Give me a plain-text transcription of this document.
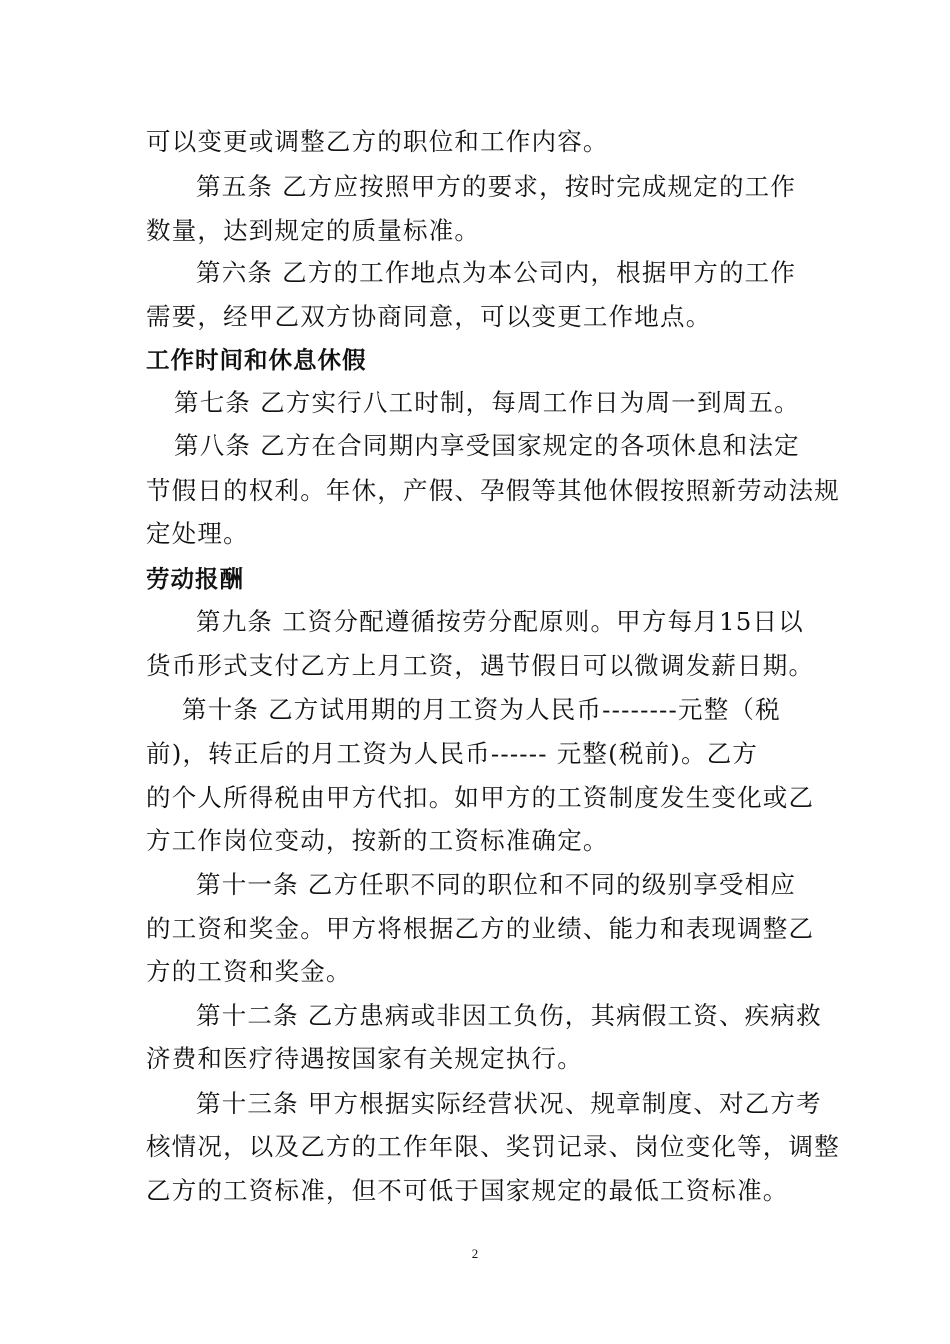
可以变更或调整乙方的职位和工作内容。
第五条 乙方应按照甲方的要求，按时完成规定的工作
数量，达到规定的质量标准。
第六条 乙方的工作地点为本公司内，根据甲方的工作
需要，经甲乙双方协商同意，可以变更工作地点。
工作时间和休息休假
第七条 乙方实行八工时制，每周工作日为周一到周五。
第八条 乙方在合同期内享受国家规定的各项休息和法定
节假日的权利。年休，产假、孕假等其他休假按照新劳动法规
定处理。
劳动报酬
第九条 工资分配遵循按劳分配原则。甲方每月15日以
货币形式支付乙方上月工资，遇节假日可以微调发薪日期。
第十条 乙方试用期的月工资为人民币--------元整（税
前)，转正后的月工资为人民币------ 元整(税前)。乙方
的个人所得税由甲方代扣。如甲方的工资制度发生变化或乙
方工作岗位变动，按新的工资标准确定。
第十一条 乙方任职不同的职位和不同的级别享受相应
的工资和奖金。甲方将根据乙方的业绩、能力和表现调整乙
方的工资和奖金。
第十二条 乙方患病或非因工负伤，其病假工资、疾病救
济费和医疗待遇按国家有关规定执行。
第十三条 甲方根据实际经营状况、规章制度、对乙方考
核情况，以及乙方的工作年限、奖罚记录、岗位变化等，调整
乙方的工资标准，但不可低于国家规定的最低工资标准。
2
